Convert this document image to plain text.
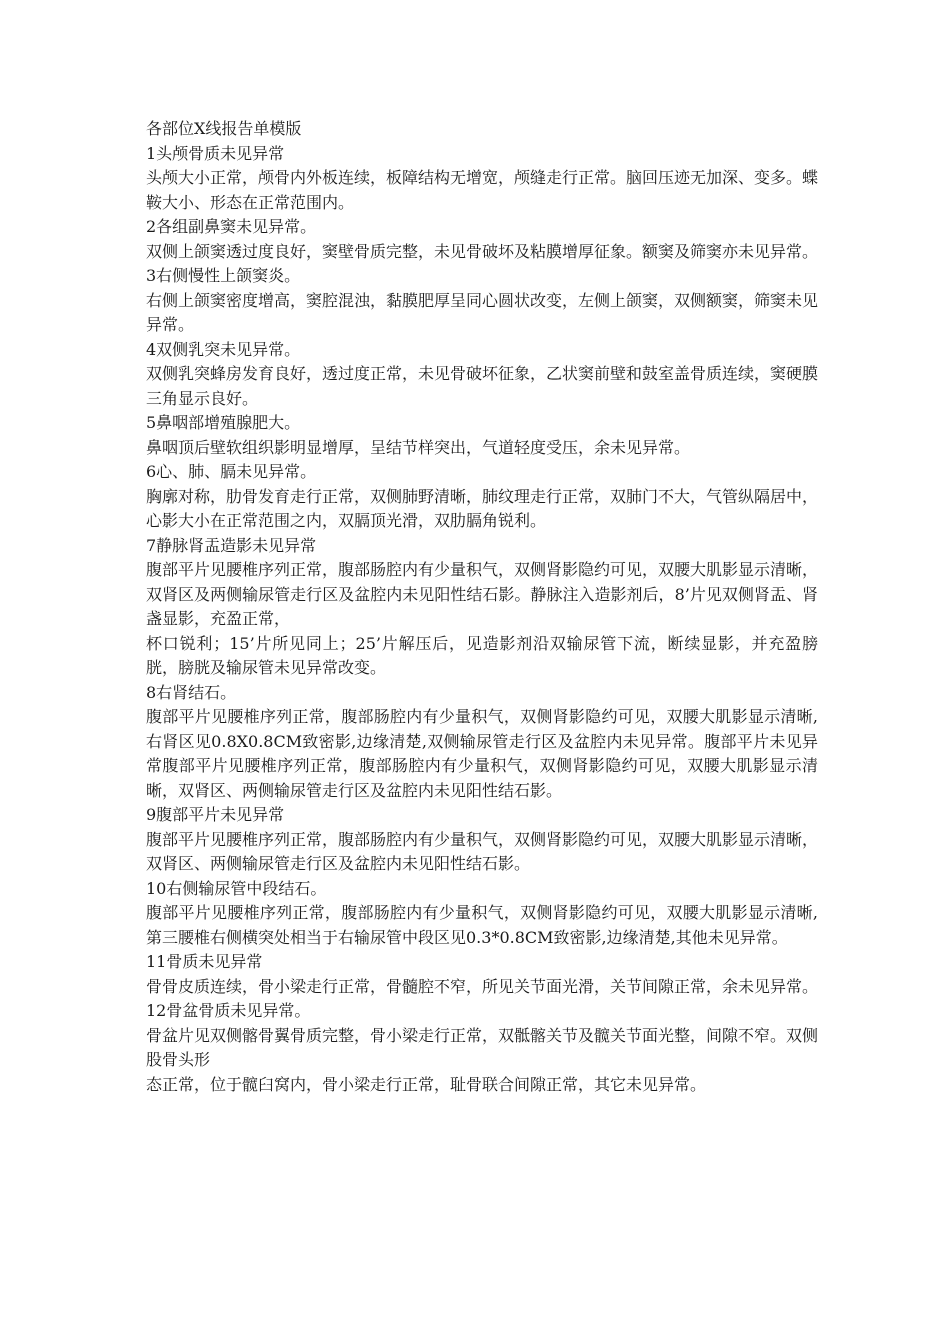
各部位X线报告单模版

1头颅骨质未见异常

头颅大小正常，颅骨内外板连续，板障结构无增宽，颅缝走行正常。脑回压迹无加深、变多。蝶鞍大小、形态在正常范围内。

2各组副鼻窦未见异常。

双侧上颌窦透过度良好，窦壁骨质完整，未见骨破坏及粘膜增厚征象。额窦及筛窦亦未见异常。

3右侧慢性上颌窦炎。

右侧上颌窦密度增高，窦腔混浊，黏膜肥厚呈同心圆状改变，左侧上颌窦，双侧额窦，筛窦未见异常。

4双侧乳突未见异常。

双侧乳突蜂房发育良好，透过度正常，未见骨破坏征象，乙状窦前壁和鼓室盖骨质连续，窦硬膜三角显示良好。

5鼻咽部增殖腺肥大。

鼻咽顶后壁软组织影明显增厚，呈结节样突出，气道轻度受压，余未见异常。

6心、肺、膈未见异常。

胸廓对称，肋骨发育走行正常，双侧肺野清晰，肺纹理走行正常，双肺门不大，气管纵隔居中，心影大小在正常范围之内，双膈顶光滑，双肋膈角锐利。

7静脉肾盂造影未见异常

腹部平片见腰椎序列正常，腹部肠腔内有少量积气，双侧肾影隐约可见，双腰大肌影显示清晰，双肾区及两侧输尿管走行区及盆腔内未见阳性结石影。静脉注入造影剂后，8’片见双侧肾盂、肾盏显影，充盈正常，

杯口锐利；15’片所见同上；25’片解压后，见造影剂沿双输尿管下流，断续显影，并充盈膀胱，膀胱及输尿管未见异常改变。

8右肾结石。

腹部平片见腰椎序列正常，腹部肠腔内有少量积气，双侧肾影隐约可见，双腰大肌影显示清晰,右肾区见0.8X0.8CM致密影,边缘清楚,双侧输尿管走行区及盆腔内未见异常。腹部平片未见异常腹部平片见腰椎序列正常，腹部肠腔内有少量积气，双侧肾影隐约可见，双腰大肌影显示清晰，双肾区、两侧输尿管走行区及盆腔内未见阳性结石影。

9腹部平片未见异常

腹部平片见腰椎序列正常，腹部肠腔内有少量积气，双侧肾影隐约可见，双腰大肌影显示清晰，双肾区、两侧输尿管走行区及盆腔内未见阳性结石影。

10右侧输尿管中段结石。

腹部平片见腰椎序列正常，腹部肠腔内有少量积气，双侧肾影隐约可见，双腰大肌影显示清晰,第三腰椎右侧横突处相当于右输尿管中段区见0.3*0.8CM致密影,边缘清楚,其他未见异常。

11骨质未见异常

骨骨皮质连续，骨小梁走行正常，骨髓腔不窄，所见关节面光滑，关节间隙正常，余未见异常。

12骨盆骨质未见异常。

骨盆片见双侧髂骨翼骨质完整，骨小梁走行正常，双骶髂关节及髋关节面光整，间隙不窄。双侧股骨头形

态正常，位于髋臼窝内，骨小梁走行正常，耻骨联合间隙正常，其它未见异常。
